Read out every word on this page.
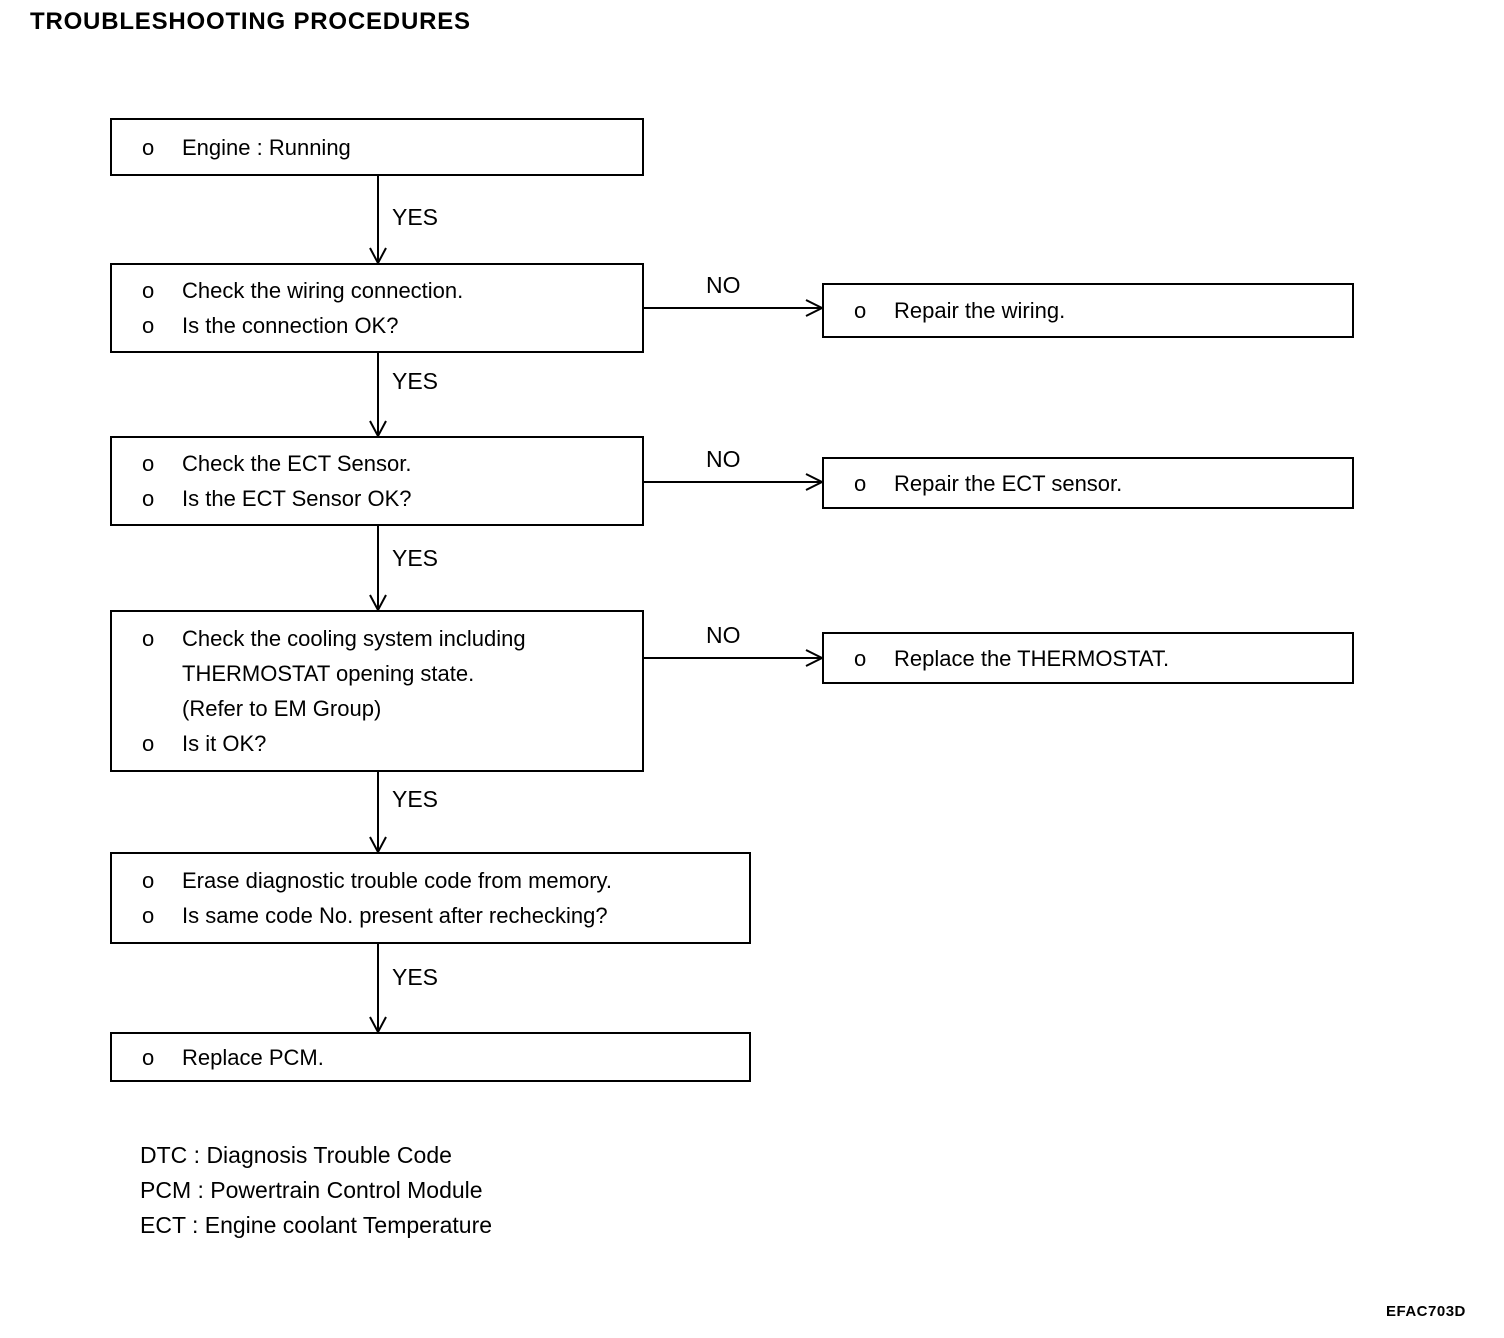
TROUBLESHOOTING PROCEDURES
o	Engine : Running
o	Check the wiring connection.
o	Is the connection OK?
o	Check the ECT Sensor.
o	Is the ECT Sensor OK?
o	Check the cooling system including
THERMOSTAT opening state.
(Refer to EM Group)
o	Is it OK?
o	Erase diagnostic trouble code from memory.
o	Is same code No. present after rechecking?
o	Replace PCM.
o	Repair the wiring.
o	Repair the ECT sensor.
o	Replace the THERMOSTAT.
YES
YES
YES
YES
YES
NO
NO
NO
DTC : Diagnosis Trouble Code
PCM : Powertrain Control Module
ECT : Engine coolant Temperature
EFAC703D
